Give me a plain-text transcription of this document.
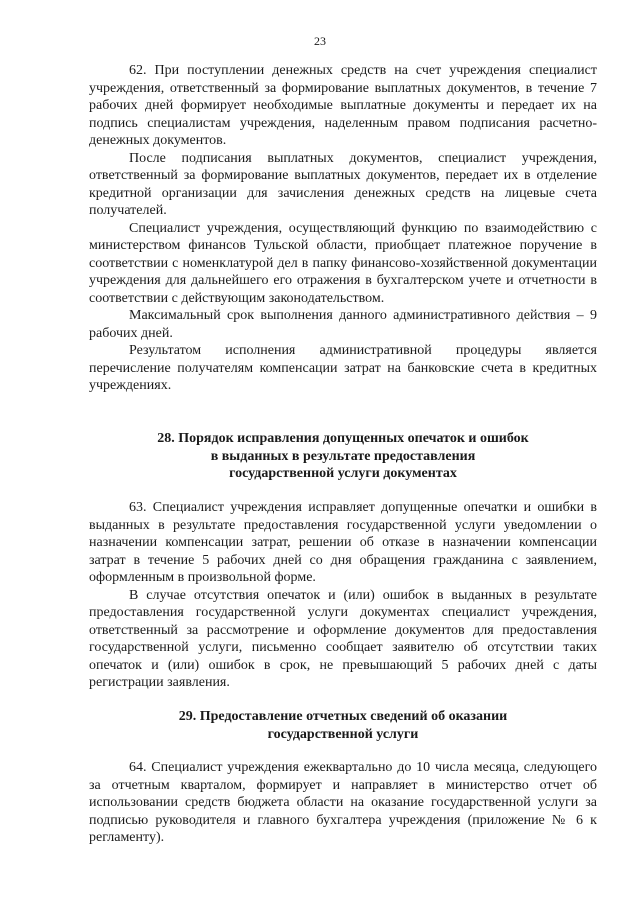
23

62. При поступлении денежных средств на счет учреждения специалист учреждения, ответственный за формирование выплатных документов, в течение 7 рабочих дней формирует необходимые выплатные документы и передает их на подпись специалистам учреждения, наделенным правом подписания расчетно-денежных документов.

После подписания выплатных документов, специалист учреждения, ответственный за формирование выплатных документов, передает их в отделение кредитной организации для зачисления денежных средств на лицевые счета получателей.

Специалист учреждения, осуществляющий функцию по взаимодействию с министерством финансов Тульской области, приобщает платежное поручение в соответствии с номенклатурой дел в папку финансово-хозяйственной документации учреждения для дальнейшего его отражения в бухгалтерском учете и отчетности в соответствии с действующим законодательством.

Максимальный срок выполнения данного административного действия – 9 рабочих дней.

Результатом исполнения административной процедуры является перечисление получателям компенсации затрат на банковские счета в кредитных учреждениях.

28. Порядок исправления допущенных опечаток и ошибок
в выданных в результате предоставления
государственной услуги документах

63. Специалист учреждения исправляет допущенные опечатки и ошибки в выданных в результате предоставления государственной услуги уведомлении о назначении компенсации затрат, решении об отказе в назначении компенсации затрат в течение 5 рабочих дней со дня обращения гражданина с заявлением, оформленным в произвольной форме.

В случае отсутствия опечаток и (или) ошибок в выданных в результате предоставления государственной услуги документах специалист учреждения, ответственный за рассмотрение и оформление документов для предоставления государственной услуги, письменно сообщает заявителю об отсутствии таких опечаток и (или) ошибок в срок, не превышающий 5 рабочих дней с даты регистрации заявления.

29. Предоставление отчетных сведений об оказании
государственной услуги

64. Специалист учреждения ежеквартально до 10 числа месяца, следующего за отчетным кварталом, формирует и направляет в министерство отчет об использовании средств бюджета области на оказание государственной услуги за подписью руководителя и главного бухгалтера учреждения (приложение № 6 к регламенту).
